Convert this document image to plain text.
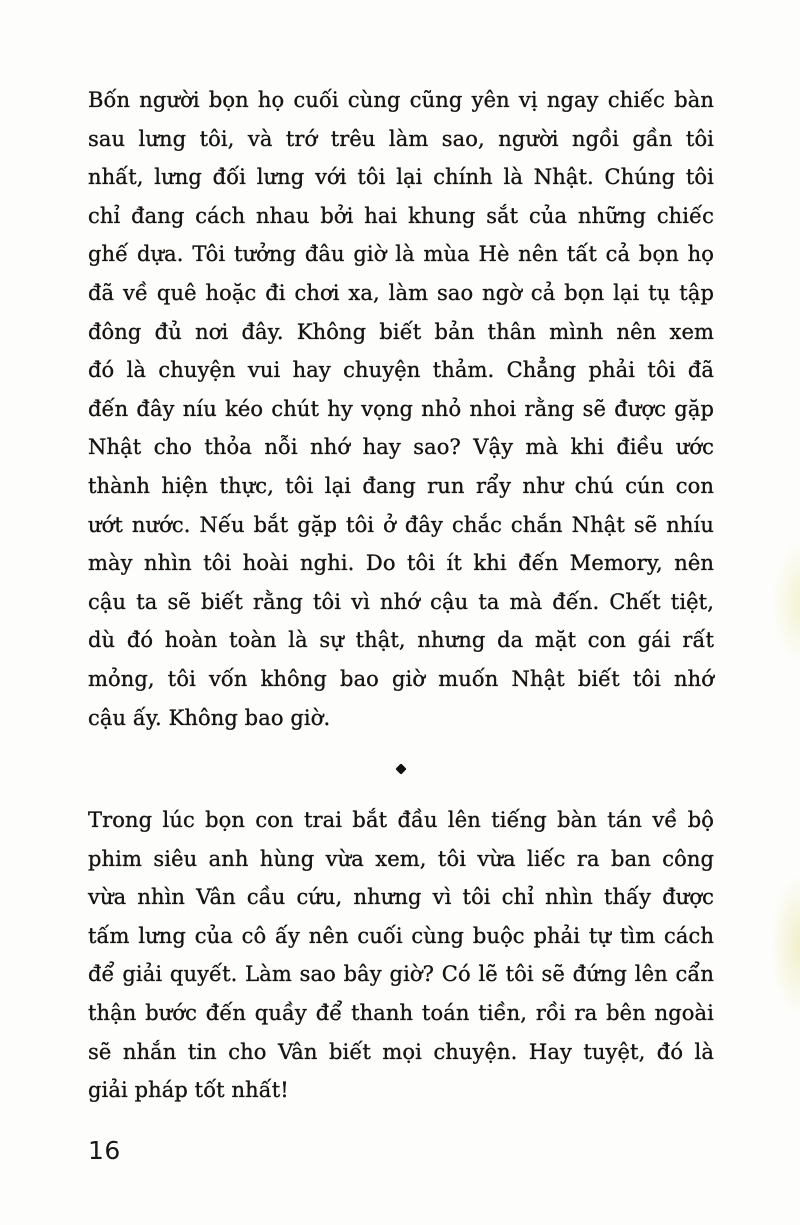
Bốn người bọn họ cuối cùng cũng yên vị ngay chiếc bàn
sau lưng tôi, và trớ trêu làm sao, người ngồi gần tôi
nhất, lưng đối lưng với tôi lại chính là Nhật. Chúng tôi
chỉ đang cách nhau bởi hai khung sắt của những chiếc
ghế dựa. Tôi tưởng đâu giờ là mùa Hè nên tất cả bọn họ
đã về quê hoặc đi chơi xa, làm sao ngờ cả bọn lại tụ tập
đông đủ nơi đây. Không biết bản thân mình nên xem
đó là chuyện vui hay chuyện thảm. Chẳng phải tôi đã
đến đây níu kéo chút hy vọng nhỏ nhoi rằng sẽ được gặp
Nhật cho thỏa nỗi nhớ hay sao? Vậy mà khi điều ước
thành hiện thực, tôi lại đang run rẩy như chú cún con
ướt nước. Nếu bắt gặp tôi ở đây chắc chắn Nhật sẽ nhíu
mày nhìn tôi hoài nghi. Do tôi ít khi đến Memory, nên
cậu ta sẽ biết rằng tôi vì nhớ cậu ta mà đến. Chết tiệt,
dù đó hoàn toàn là sự thật, nhưng da mặt con gái rất
mỏng, tôi vốn không bao giờ muốn Nhật biết tôi nhớ
cậu ấy. Không bao giờ.
Trong lúc bọn con trai bắt đầu lên tiếng bàn tán về bộ
phim siêu anh hùng vừa xem, tôi vừa liếc ra ban công
vừa nhìn Vân cầu cứu, nhưng vì tôi chỉ nhìn thấy được
tấm lưng của cô ấy nên cuối cùng buộc phải tự tìm cách
để giải quyết. Làm sao bây giờ? Có lẽ tôi sẽ đứng lên cẩn
thận bước đến quầy để thanh toán tiền, rồi ra bên ngoài
sẽ nhắn tin cho Vân biết mọi chuyện. Hay tuyệt, đó là
giải pháp tốt nhất!
16
